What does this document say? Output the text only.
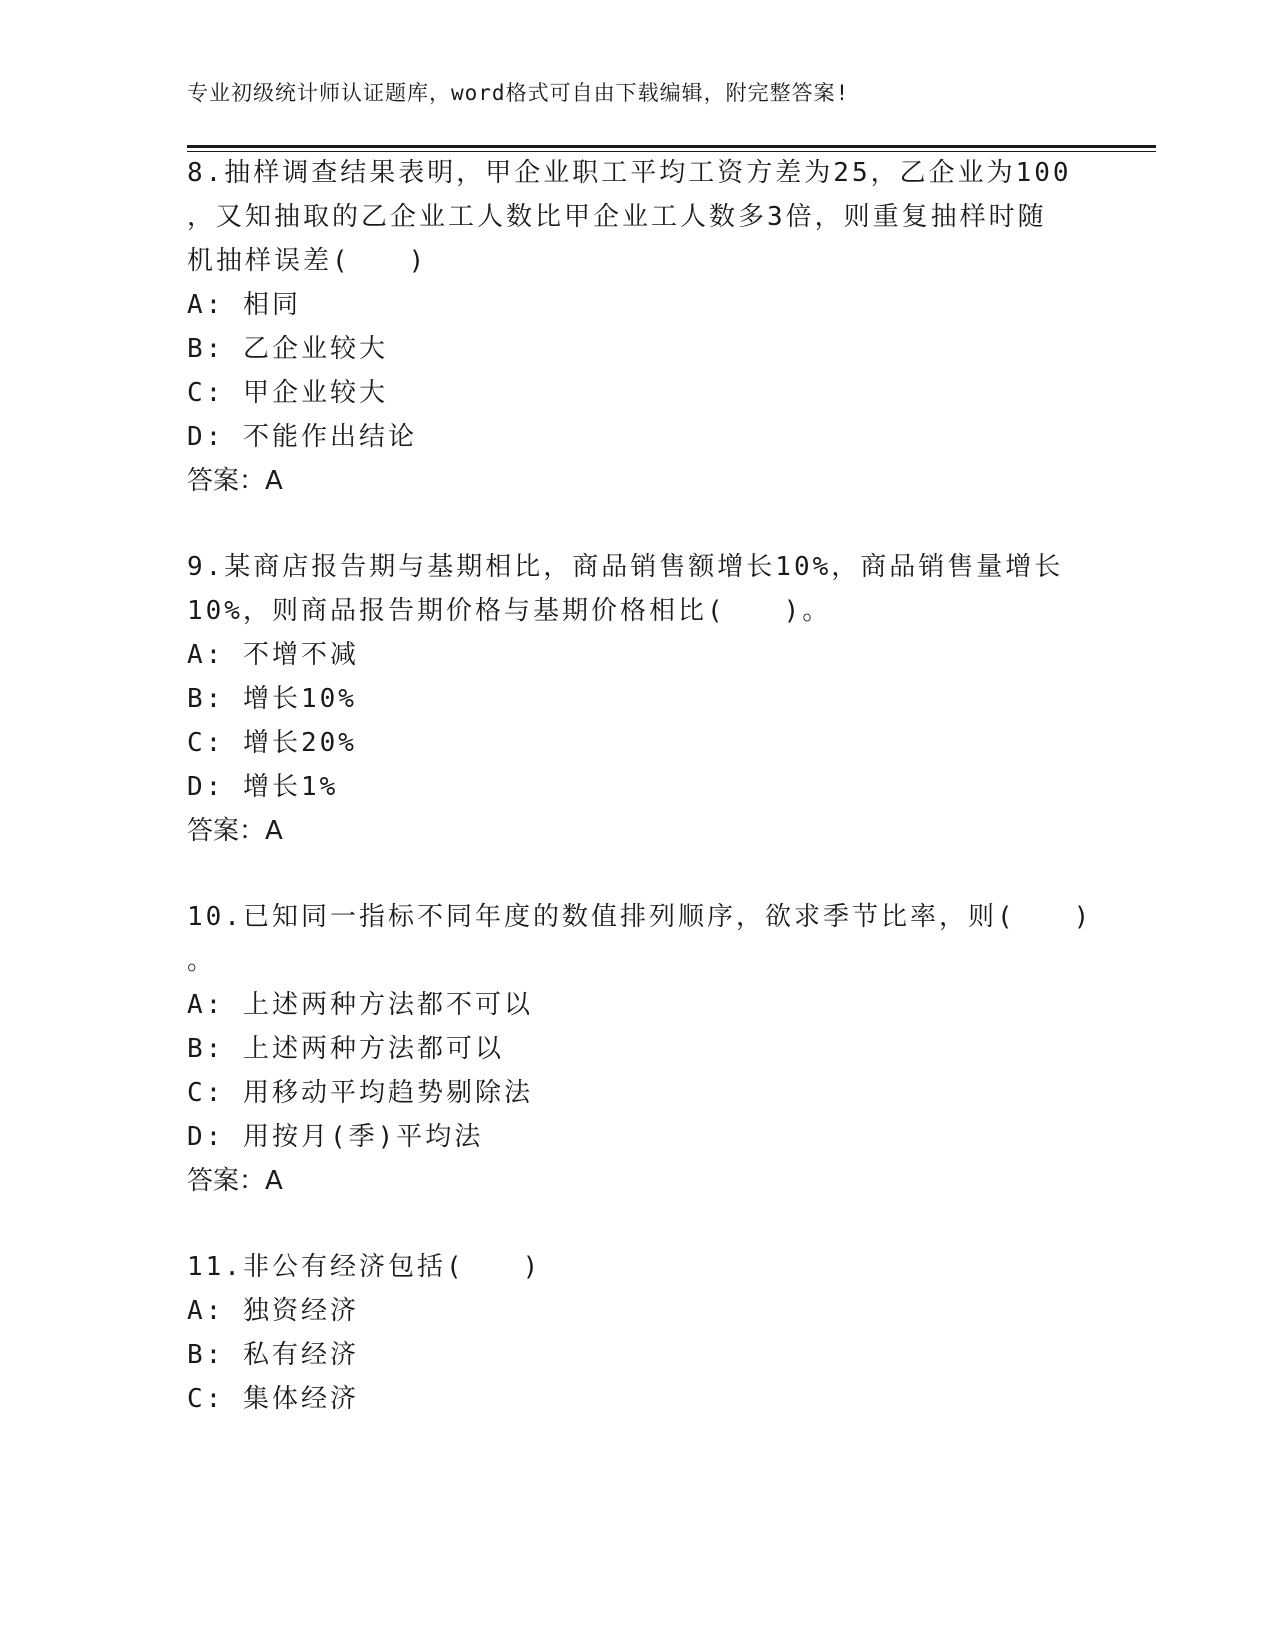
专业初级统计师认证题库，word格式可自由下载编辑，附完整答案!
8.抽样调查结果表明，甲企业职工平均工资方差为25，乙企业为100
，又知抽取的乙企业工人数比甲企业工人数多3倍，则重复抽样时随
机抽样误差(　　)
A: 相同
B: 乙企业较大
C: 甲企业较大
D: 不能作出结论
答案：A
9.某商店报告期与基期相比，商品销售额增长10%，商品销售量增长
10%，则商品报告期价格与基期价格相比(　　)。
A: 不增不减
B: 增长10%
C: 增长20%
D: 增长1%
答案：A
10.已知同一指标不同年度的数值排列顺序，欲求季节比率，则(　　)
。
A: 上述两种方法都不可以
B: 上述两种方法都可以
C: 用移动平均趋势剔除法
D: 用按月(季)平均法
答案：A
11.非公有经济包括(　　)
A: 独资经济
B: 私有经济
C: 集体经济
